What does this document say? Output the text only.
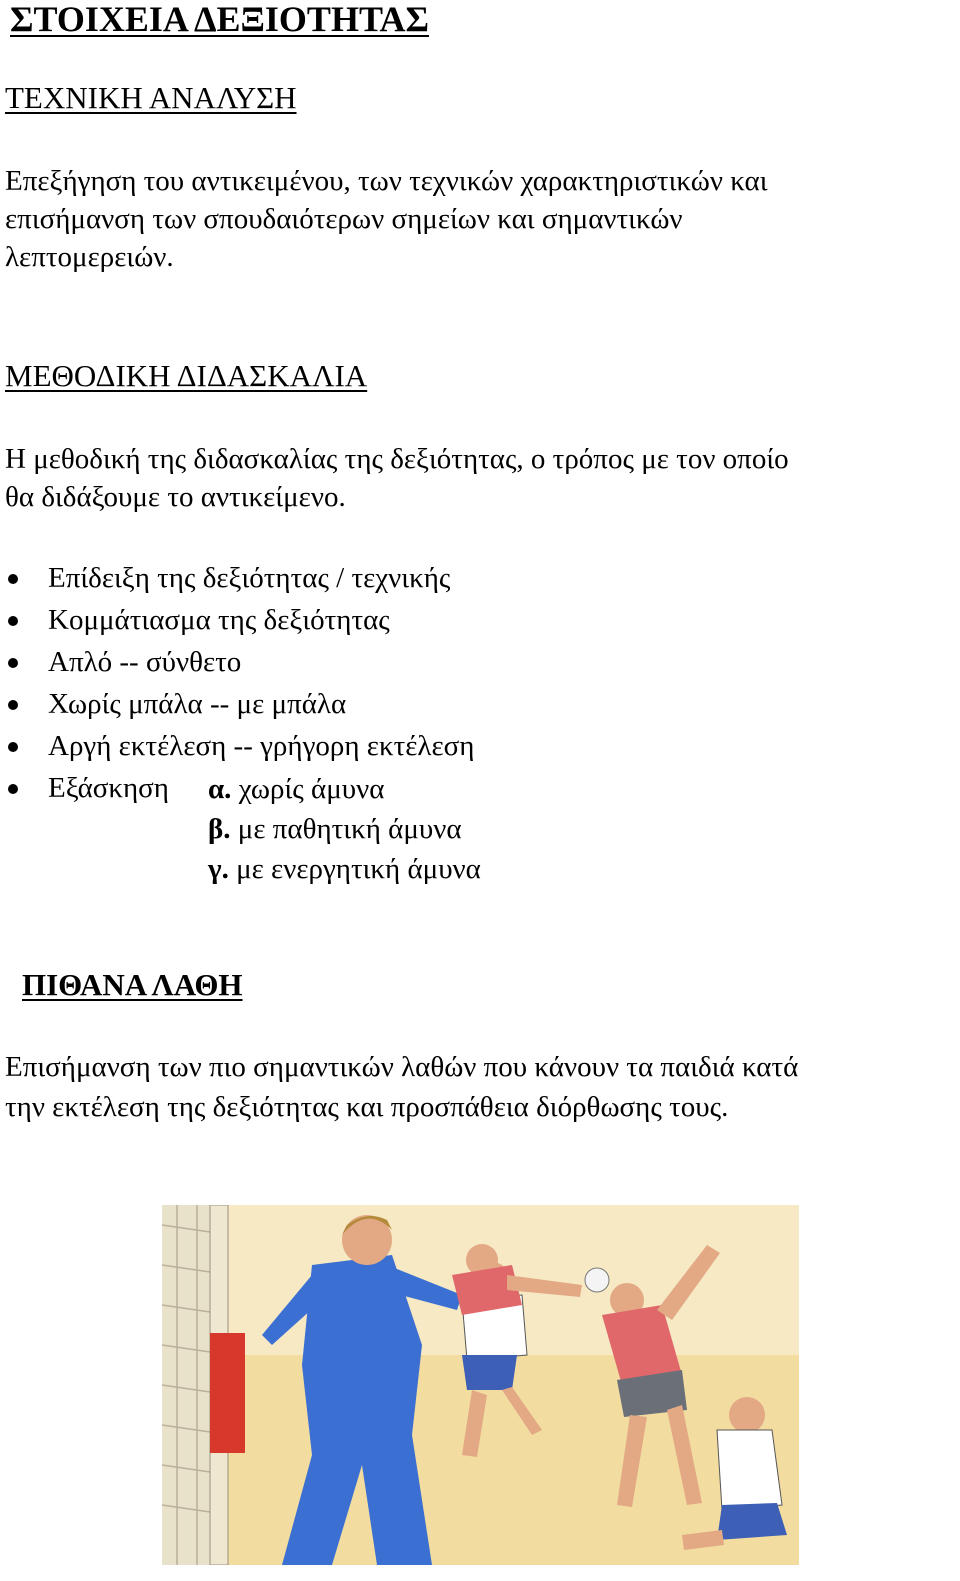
ΣΤΟΙΧΕΙΑ ΔΕΞΙΟΤΗΤΑΣ
ΤΕΧΝΙΚΗ ΑΝΑΛΥΣΗ
Επεξήγηση του αντικειμένου, των τεχνικών χαρακτηριστικών και
επισήμανση των σπουδαιότερων σημείων και σημαντικών
λεπτομερειών.
ΜΕΘΟΔΙΚΗ ΔΙΔΑΣΚΑΛΙΑ
Η μεθοδική της διδασκαλίας της δεξιότητας, ο τρόπος με τον οποίο
θα διδάξουμε το αντικείμενο.
Επίδειξη της δεξιότητας / τεχνικής
Κομμάτιασμα της δεξιότητας
Απλό -- σύνθετο
Χωρίς μπάλα -- με μπάλα
Αργή εκτέλεση -- γρήγορη εκτέλεση
Εξάσκηση α. χωρίς άμυνα
β. με παθητική άμυνα
γ. με ενεργητική άμυνα
ΠΙΘΑΝΑ ΛΑΘΗ
Επισήμανση των πιο σημαντικών λαθών που κάνουν τα παιδιά κατά
την εκτέλεση της δεξιότητας και προσπάθεια διόρθωσης τους.
